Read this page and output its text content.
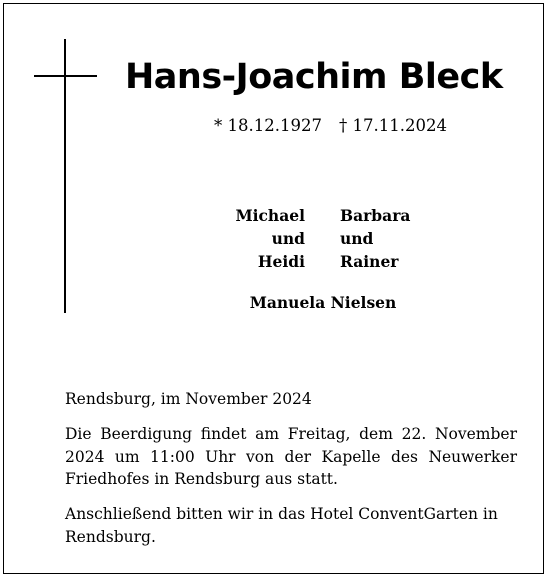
Hans-Joachim Bleck
* 18.12.1927 † 17.11.2024
Michael
und
Heidi
Barbara
und
Rainer
Manuela Nielsen
Rendsburg, im November 2024
Die Beerdigung findet am Freitag, dem 22. November 2024 um 11:00 Uhr von der Kapelle des Neuwerker Friedhofes in Rendsburg aus statt.
Anschließend bitten wir in das Hotel ConventGarten in Rendsburg.
